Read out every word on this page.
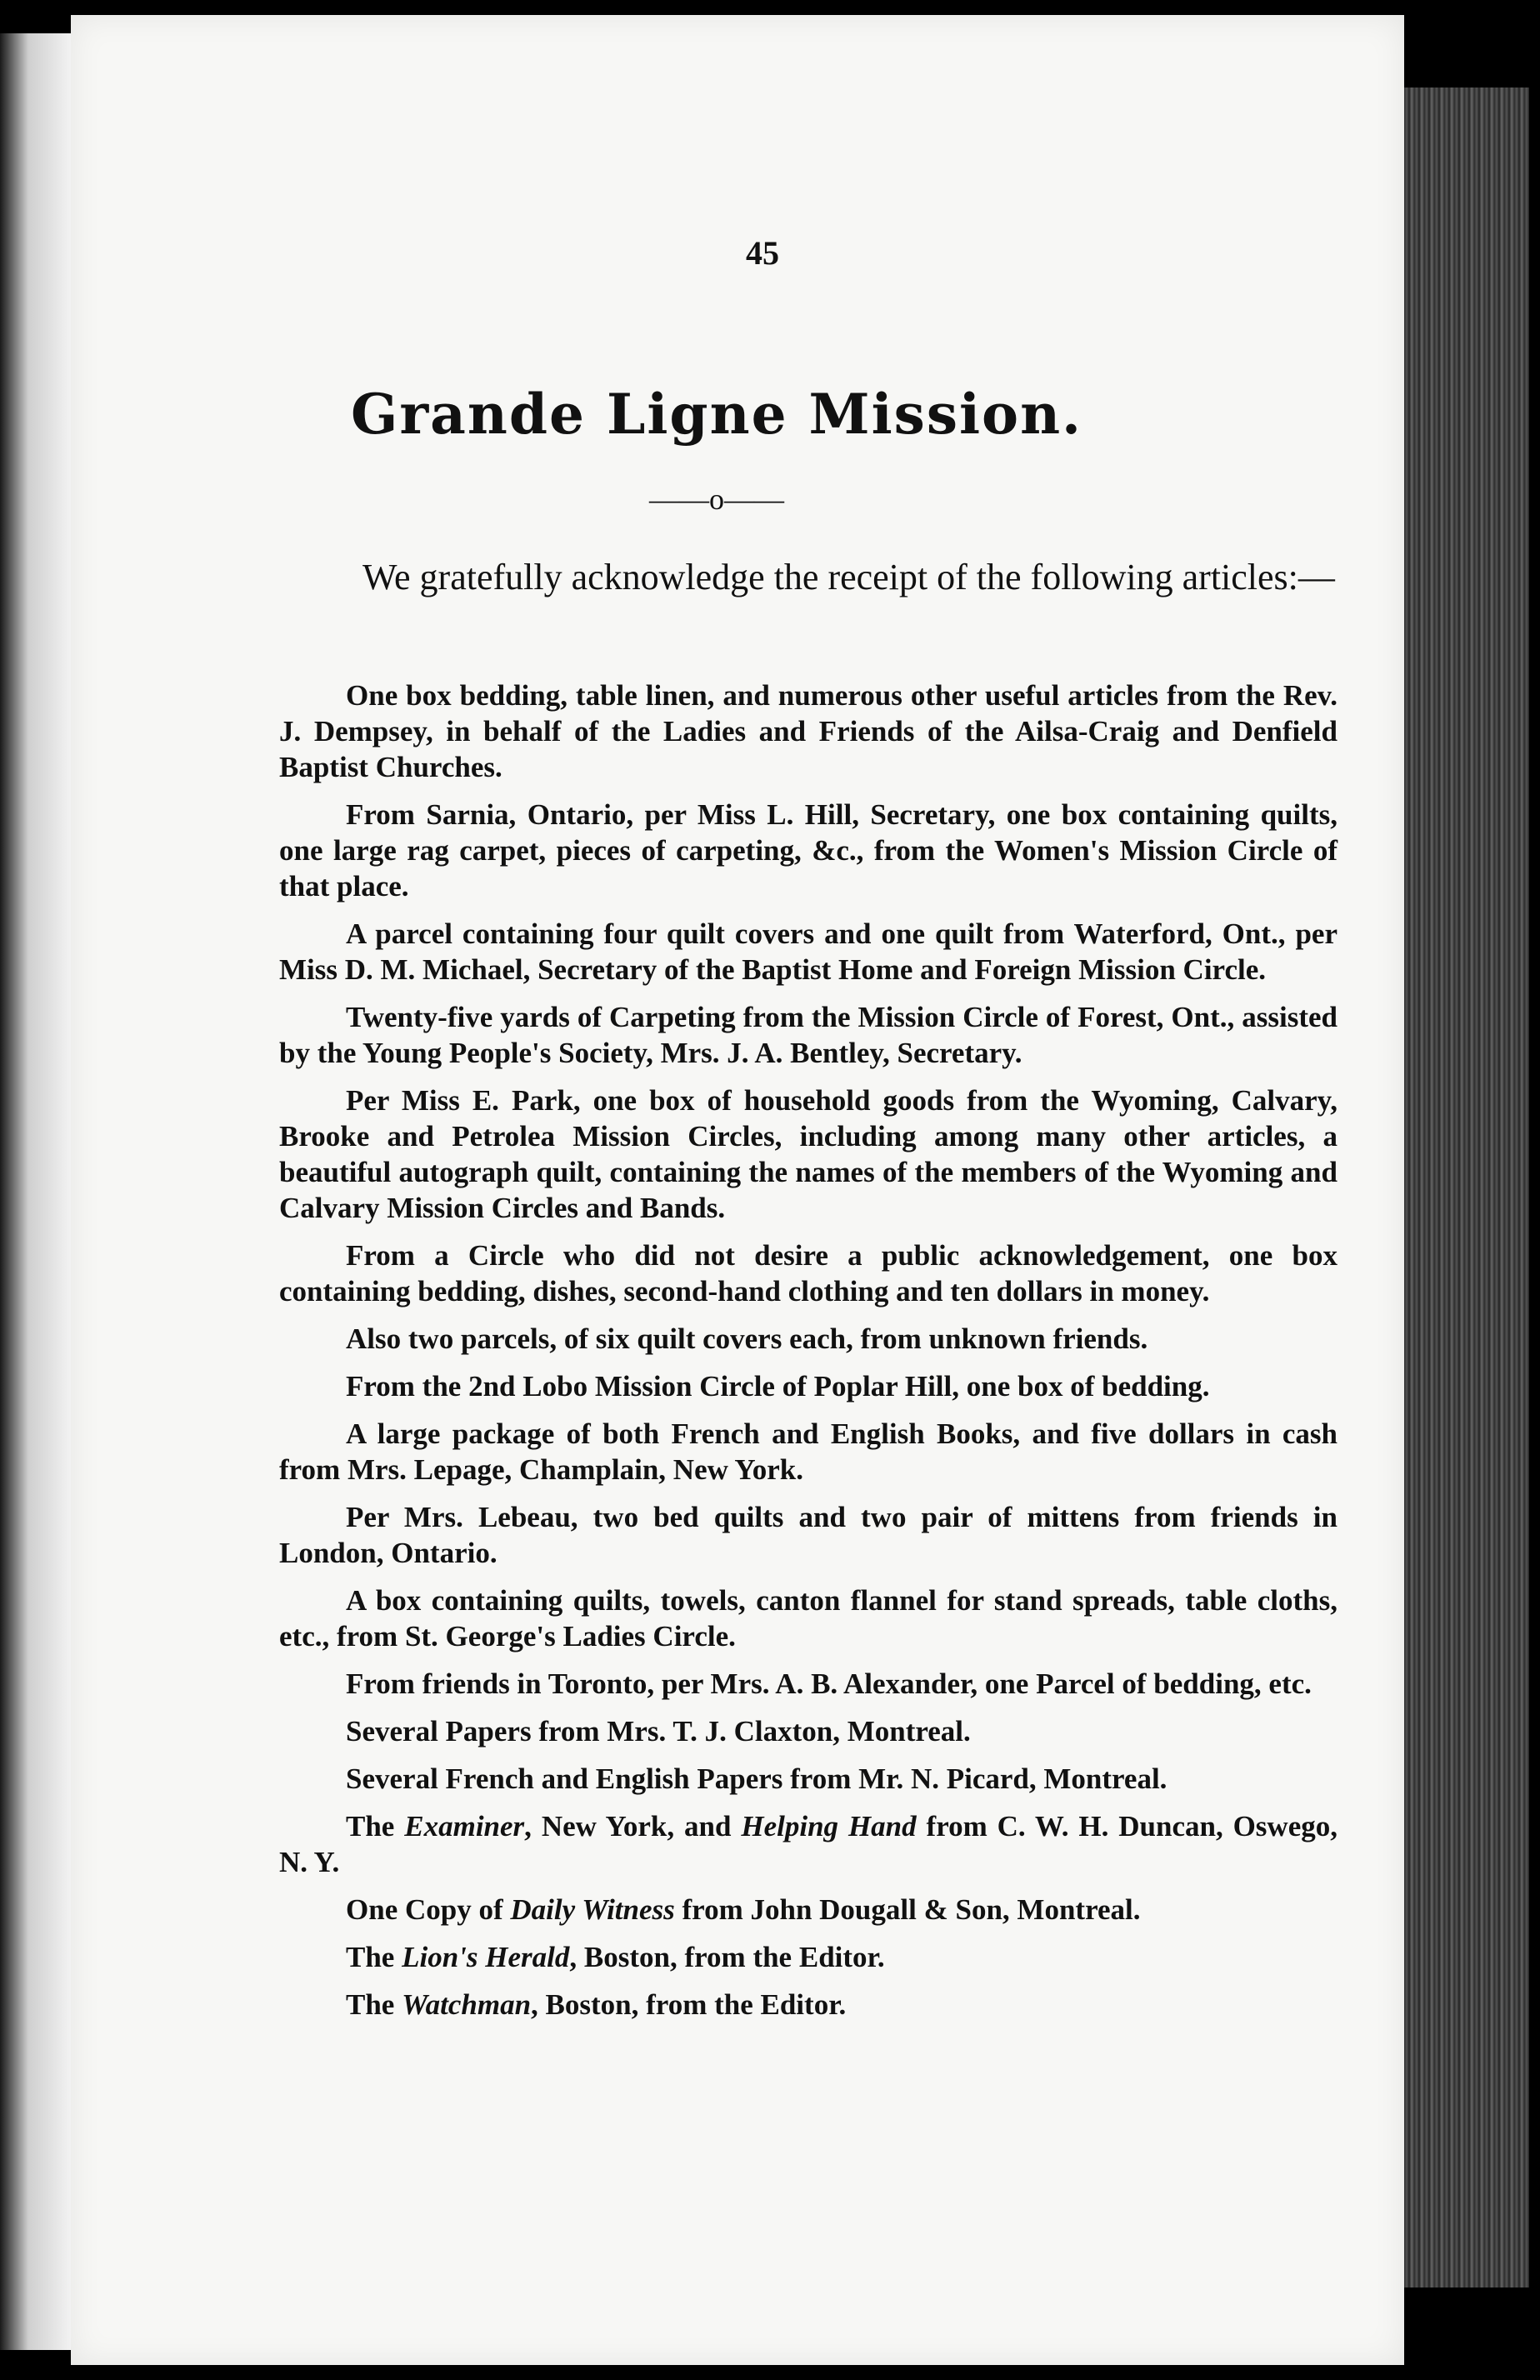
45
Grande Ligne Mission.
——o——
We gratefully acknowledge the receipt of the following articles:—

One box bedding, table linen, and numerous other useful articles from the Rev. J. Dempsey, in behalf of the Ladies and Friends of the Ailsa-Craig and Denfield Baptist Churches.

From Sarnia, Ontario, per Miss L. Hill, Secretary, one box containing quilts, one large rag carpet, pieces of carpeting, &c., from the Women's Mission Circle of that place.

A parcel containing four quilt covers and one quilt from Waterford, Ont., per Miss D. M. Michael, Secretary of the Baptist Home and Foreign Mission Circle.

Twenty-five yards of Carpeting from the Mission Circle of Forest, Ont., assisted by the Young People's Society, Mrs. J. A. Bentley, Secretary.

Per Miss E. Park, one box of household goods from the Wyoming, Calvary, Brooke and Petrolea Mission Circles, including among many other articles, a beautiful autograph quilt, containing the names of the members of the Wyoming and Calvary Mission Circles and Bands.

From a Circle who did not desire a public acknowledgement, one box containing bedding, dishes, second-hand clothing and ten dollars in money.

Also two parcels, of six quilt covers each, from unknown friends.

From the 2nd Lobo Mission Circle of Poplar Hill, one box of bedding.

A large package of both French and English Books, and five dollars in cash from Mrs. Lepage, Champlain, New York.

Per Mrs. Lebeau, two bed quilts and two pair of mittens from friends in London, Ontario.

A box containing quilts, towels, canton flannel for stand spreads, table cloths, etc., from St. George's Ladies Circle.

From friends in Toronto, per Mrs. A. B. Alexander, one Parcel of bedding, etc.

Several Papers from Mrs. T. J. Claxton, Montreal.

Several French and English Papers from Mr. N. Picard, Montreal.

The Examiner, New York, and Helping Hand from C. W. H. Duncan, Oswego, N. Y.

One Copy of Daily Witness from John Dougall & Son, Montreal.

The Lion's Herald, Boston, from the Editor.

The Watchman, Boston, from the Editor.
